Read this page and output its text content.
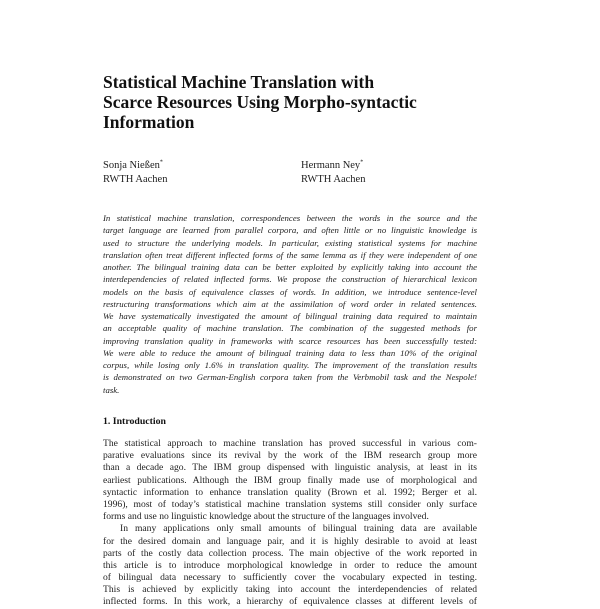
Statistical Machine Translation with
Scarce Resources Using Morpho-syntactic
Information
Sonja Nießen*
RWTH Aachen
Hermann Ney*
RWTH Aachen
In statistical machine translation, correspondences between the words in the source and the
target language are learned from parallel corpora, and often little or no linguistic knowledge is
used to structure the underlying models. In particular, existing statistical systems for machine
translation often treat different inflected forms of the same lemma as if they were independent of one
another. The bilingual training data can be better exploited by explicitly taking into account the
interdependencies of related inflected forms. We propose the construction of hierarchical lexicon
models on the basis of equivalence classes of words. In addition, we introduce sentence-level
restructuring transformations which aim at the assimilation of word order in related sentences.
We have systematically investigated the amount of bilingual training data required to maintain
an acceptable quality of machine translation. The combination of the suggested methods for
improving translation quality in frameworks with scarce resources has been successfully tested:
We were able to reduce the amount of bilingual training data to less than 10% of the original
corpus, while losing only 1.6% in translation quality. The improvement of the translation results
is demonstrated on two German-English corpora taken from the Verbmobil task and the Nespole!
task.
1. Introduction
The statistical approach to machine translation has proved successful in various com-
parative evaluations since its revival by the work of the IBM research group more
than a decade ago. The IBM group dispensed with linguistic analysis, at least in its
earliest publications. Although the IBM group finally made use of morphological and
syntactic information to enhance translation quality (Brown et al. 1992; Berger et al.
1996), most of today’s statistical machine translation systems still consider only surface
forms and use no linguistic knowledge about the structure of the languages involved.
In many applications only small amounts of bilingual training data are available
for the desired domain and language pair, and it is highly desirable to avoid at least
parts of the costly data collection process. The main objective of the work reported in
this article is to introduce morphological knowledge in order to reduce the amount
of bilingual data necessary to sufficiently cover the vocabulary expected in testing.
This is achieved by explicitly taking into account the interdependencies of related
inflected forms. In this work, a hierarchy of equivalence classes at different levels of
